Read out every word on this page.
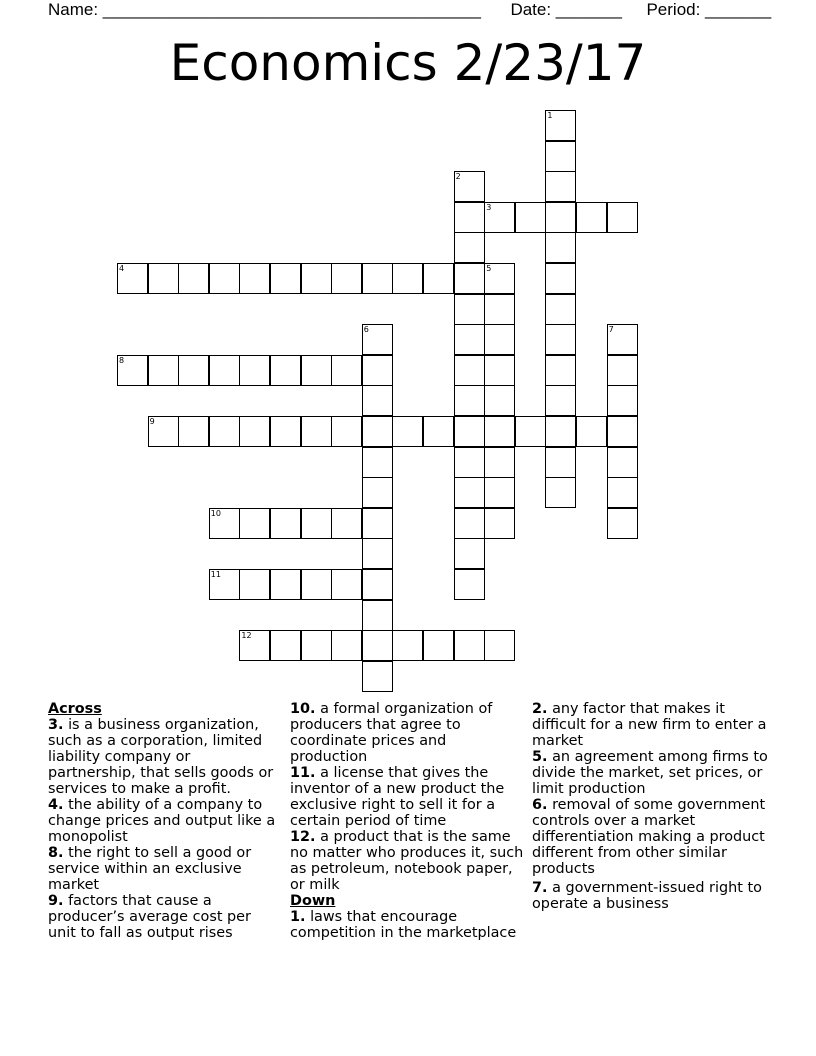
Name: ________________________________________ Date: _______ Period: _______
Economics 2/23/17
1
2
3
4	5
6	7
8
9
10
11
12
Across
3. is a business organization, such as a corporation, limited liability company or partnership, that sells goods or services to make a profit.
4. the ability of a company to change prices and output like a monopolist
8. the right to sell a good or service within an exclusive market
9. factors that cause a producer’s average cost per unit to fall as output rises
10. a formal organization of producers that agree to coordinate prices and production
11. a license that gives the inventor of a new product the exclusive right to sell it for a certain period of time
12. a product that is the same no matter who produces it, such as petroleum, notebook paper, or milk
Down
1. laws that encourage competition in the marketplace
2. any factor that makes it difficult for a new firm to enter a market
5. an agreement among firms to divide the market, set prices, or limit production
6. removal of some government controls over a market differentiation making a product different from other similar products
7. a government-issued right to operate a business
